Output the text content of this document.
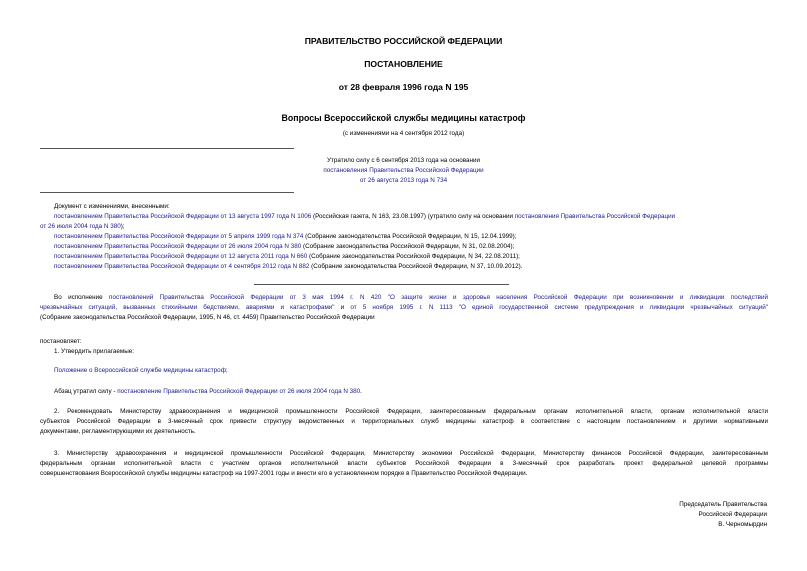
ПРАВИТЕЛЬСТВО РОССИЙСКОЙ ФЕДЕРАЦИИ
ПОСТАНОВЛЕНИЕ
от 28 февраля 1996 года N 195
Вопросы Всероссийской службы медицины катастроф
(с изменениями на 4 сентября 2012 года)
Утратило силу с 6 сентября 2013 года на основании
постановления Правительства Российской Федерации
от 26 августа 2013 года N 734
Документ с изменениями, внесенными:
постановлением Правительства Российской Федерации от 13 августа 1997 года N 1006 (Российская газета, N 163, 23.08.1997) (утратило силу на основании постановления Правительства Российской Федерации
от 26 июля 2004 года N 380);
постановлением Правительства Российской Федерации от 5 апреля 1999 года N 374 (Собрание законодательства Российской Федерации, N 15, 12.04.1999);
постановлением Правительства Российской Федерации от 26 июля 2004 года N 380 (Собрание законодательства Российской Федерации, N 31, 02.08.2004);
постановлением Правительства Российской Федерации от 12 августа 2011 года N 660 (Собрание законодательства Российской Федерации, N 34, 22.08.2011);
постановлением Правительства Российской Федерации от 4 сентября 2012 года N 882 (Собрание законодательства Российской Федерации, N 37, 10.09.2012).
Во исполнение постановлений Правительства Российской Федерации от 3 мая 1994 г. N 420 "О защите жизни и здоровья населения Российской Федерации при возникновении и ликвидации последствий
чрезвычайных ситуаций, вызванных стихийными бедствиями, авариями и катастрофами" и от 5 ноября 1995 г. N 1113 "О единой государственной системе предупреждения и ликвидации чрезвычайных ситуаций"
(Собрание законодательства Российской Федерации, 1995, N 46, ст. 4459) Правительство Российской Федерации
постановляет:
1. Утвердить прилагаемые:
Положение о Всероссийской службе медицины катастроф;
Абзац утратил силу - постановление Правительства Российской Федерации от 26 июля 2004 года N 380.
2. Рекомендовать Министерству здравоохранения и медицинской промышленности Российской Федерации, заинтересованным федеральным органам исполнительной власти, органам исполнительной власти
субъектов Российской Федерации в 3-месячный срок привести структуру ведомственных и территориальных служб медицины катастроф в соответствие с настоящим постановлением и другими нормативными
документами, регламентирующими их деятельность.
3. Министерству здравоохранения и медицинской промышленности Российской Федерации, Министерству экономики Российской Федерации, Министерству финансов Российской Федерации, заинтересованным
федеральным органам исполнительной власти с участием органов исполнительной власти субъектов Российской Федерации в 3-месячный срок разработать проект федеральной целевой программы
совершенствования Всероссийской службы медицины катастроф на 1997-2001 годы и внести его в установленном порядке в Правительство Российской Федерации.
Председатель Правительства
Российской Федерации
В. Черномырдин
